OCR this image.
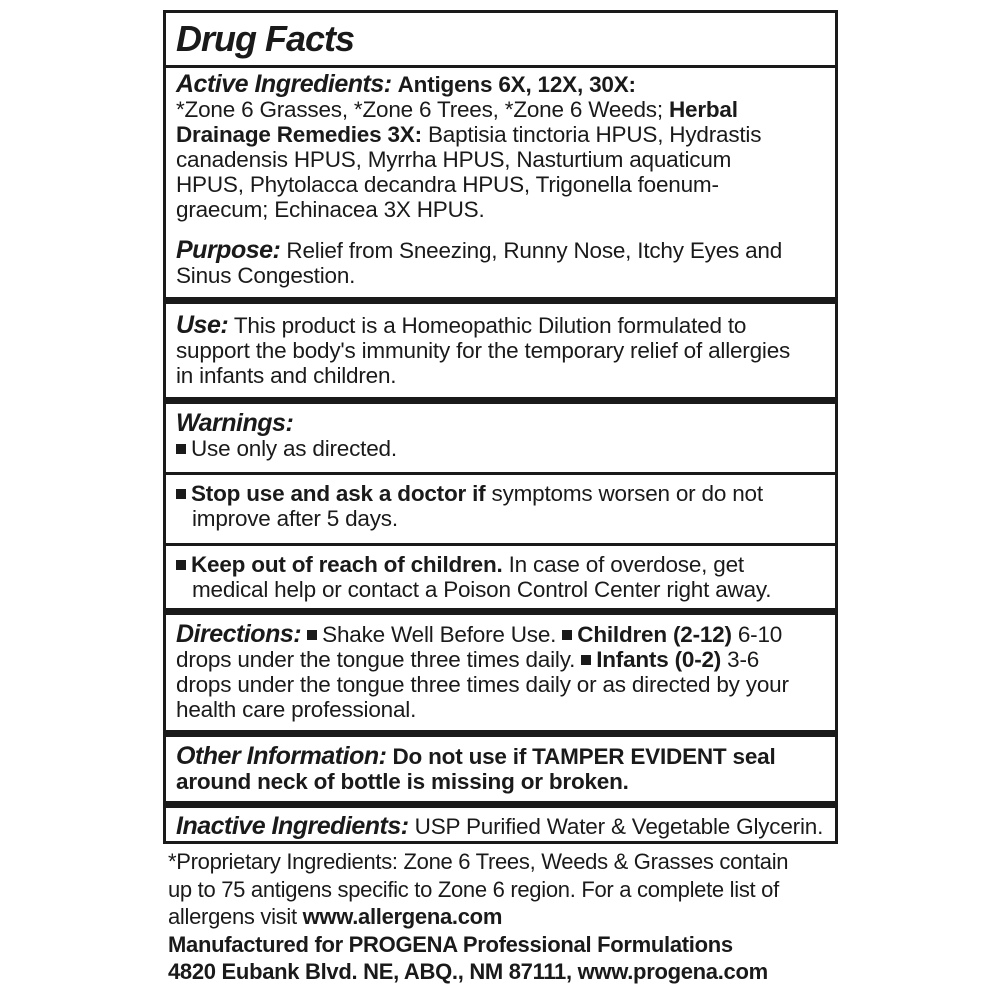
Drug Facts
Active Ingredients: Antigens 6X, 12X, 30X:
*Zone 6 Grasses, *Zone 6 Trees, *Zone 6 Weeds; Herbal
Drainage Remedies 3X: Baptisia tinctoria HPUS, Hydrastis
canadensis HPUS, Myrrha HPUS, Nasturtium aquaticum
HPUS, Phytolacca decandra HPUS, Trigonella foenum-
graecum; Echinacea 3X HPUS.
Purpose: Relief from Sneezing, Runny Nose, Itchy Eyes and
Sinus Congestion.
Use: This product is a Homeopathic Dilution formulated to
support the body's immunity for the temporary relief of allergies
in infants and children.
Warnings:
Use only as directed.
Stop use and ask a doctor if symptoms worsen or do not
improve after 5 days.
Keep out of reach of children. In case of overdose, get
medical help or contact a Poison Control Center right away.
Directions: Shake Well Before Use. Children (2-12) 6-10
drops under the tongue three times daily. Infants (0-2) 3-6
drops under the tongue three times daily or as directed by your
health care professional.
Other Information: Do not use if TAMPER EVIDENT seal
around neck of bottle is missing or broken.
Inactive Ingredients: USP Purified Water & Vegetable Glycerin.
*Proprietary Ingredients: Zone 6 Trees, Weeds & Grasses contain
up to 75 antigens specific to Zone 6 region. For a complete list of
allergens visit www.allergena.com
Manufactured for PROGENA Professional Formulations
4820 Eubank Blvd. NE, ABQ., NM 87111, www.progena.com
